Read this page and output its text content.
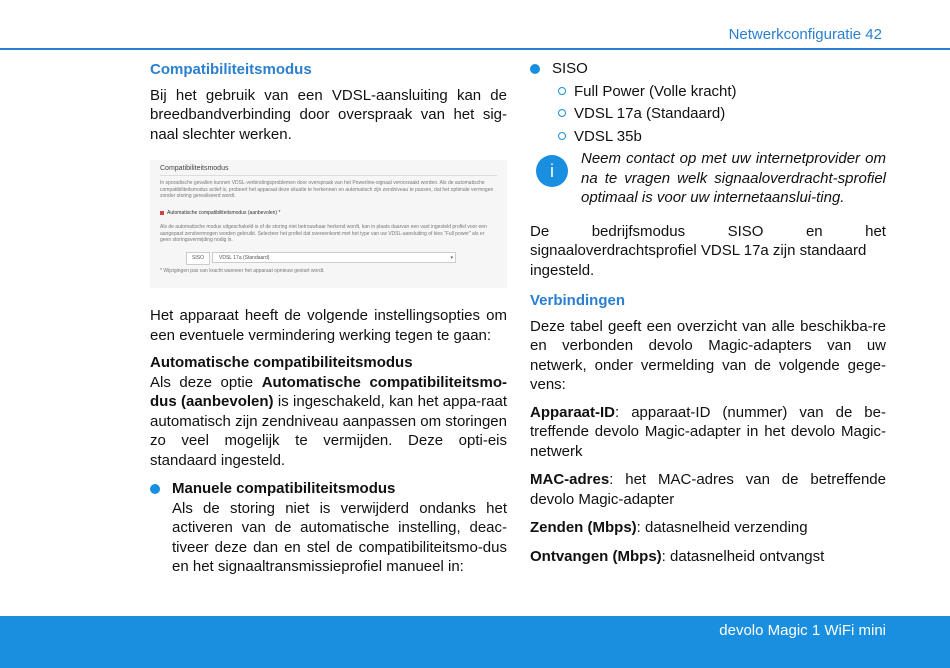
Netwerkconfiguratie 42

Compatibiliteitsmodus

Bij het gebruik van een VDSL-aansluiting kan de breedbandverbinding door overspraak van het sig-naal slechter werken.

Compatibiliteitsmodus
In sporadische gevallen kunnen VDSL-verbindingsproblemen door overspraak van het Powerline-signaal veroorzaakt worden. Als de automatische compatibiliteitsmodus actief is, probeert het apparaat deze situatie te herkennen en automatisch zijn zendniveau te passen, dat het optimale vermogen zonder storing gerealiseerd wordt.
Automatische compatibiliteitsmodus (aanbevolen) *
Als de automatische modus uitgeschakeld is of de storing niet betrouwbaar herkend wordt, kan in plaats daarvan een vast ingesteld profiel voor een aangepast zendvermogen worden gebruikt. Selecteer het profiel dat overeenkomt met het type van uw VDSL-aansluiting of kies "Full power" als er geen storingsvermijding nodig is.
SISO	VDSL 17a (Standaard)	▾
* Wijzigingen pas van kracht wanneer het apparaat opnieuw gestart wordt.

Het apparaat heeft de volgende instellingsopties om een eventuele vermindering werking tegen te gaan:

Automatische compatibiliteitsmodus

Als deze optie Automatische compatibiliteitsmo-dus (aanbevolen) is ingeschakeld, kan het appa-raat automatisch zijn zendniveau aanpassen om storingen zo veel mogelijk te vermijden. Deze opti-eis standaard ingesteld.

Manuele compatibiliteitsmodus

Als de storing niet is verwijderd ondanks het activeren van de automatische instelling, deac-tiveer deze dan en stel de compatibiliteitsmo-dus en het signaaltransmissieprofiel manueel in:

SISO
Full Power (Volle kracht)
VDSL 17a (Standaard)
VDSL 35b
i

Neem contact op met uw internetprovider om na te vragen welk signaaloverdracht-sprofiel optimaal is voor uw internetaanslui-ting.

De	bedrijfsmodus	SISO	en	het

signaaloverdrachtsprofiel VDSL 17a zijn standaard ingesteld.

Verbindingen

Deze tabel geeft een overzicht van alle beschikba-re en verbonden devolo Magic-adapters van uw netwerk, onder vermelding van de volgende gege-vens:

Apparaat-ID: apparaat-ID (nummer) van de be-treffende devolo Magic-adapter in het devolo Magic-netwerk

MAC-adres: het MAC-adres van de betreffende devolo Magic-adapter

Zenden (Mbps): datasnelheid verzending

Ontvangen (Mbps): datasnelheid ontvangst

devolo Magic 1 WiFi mini
